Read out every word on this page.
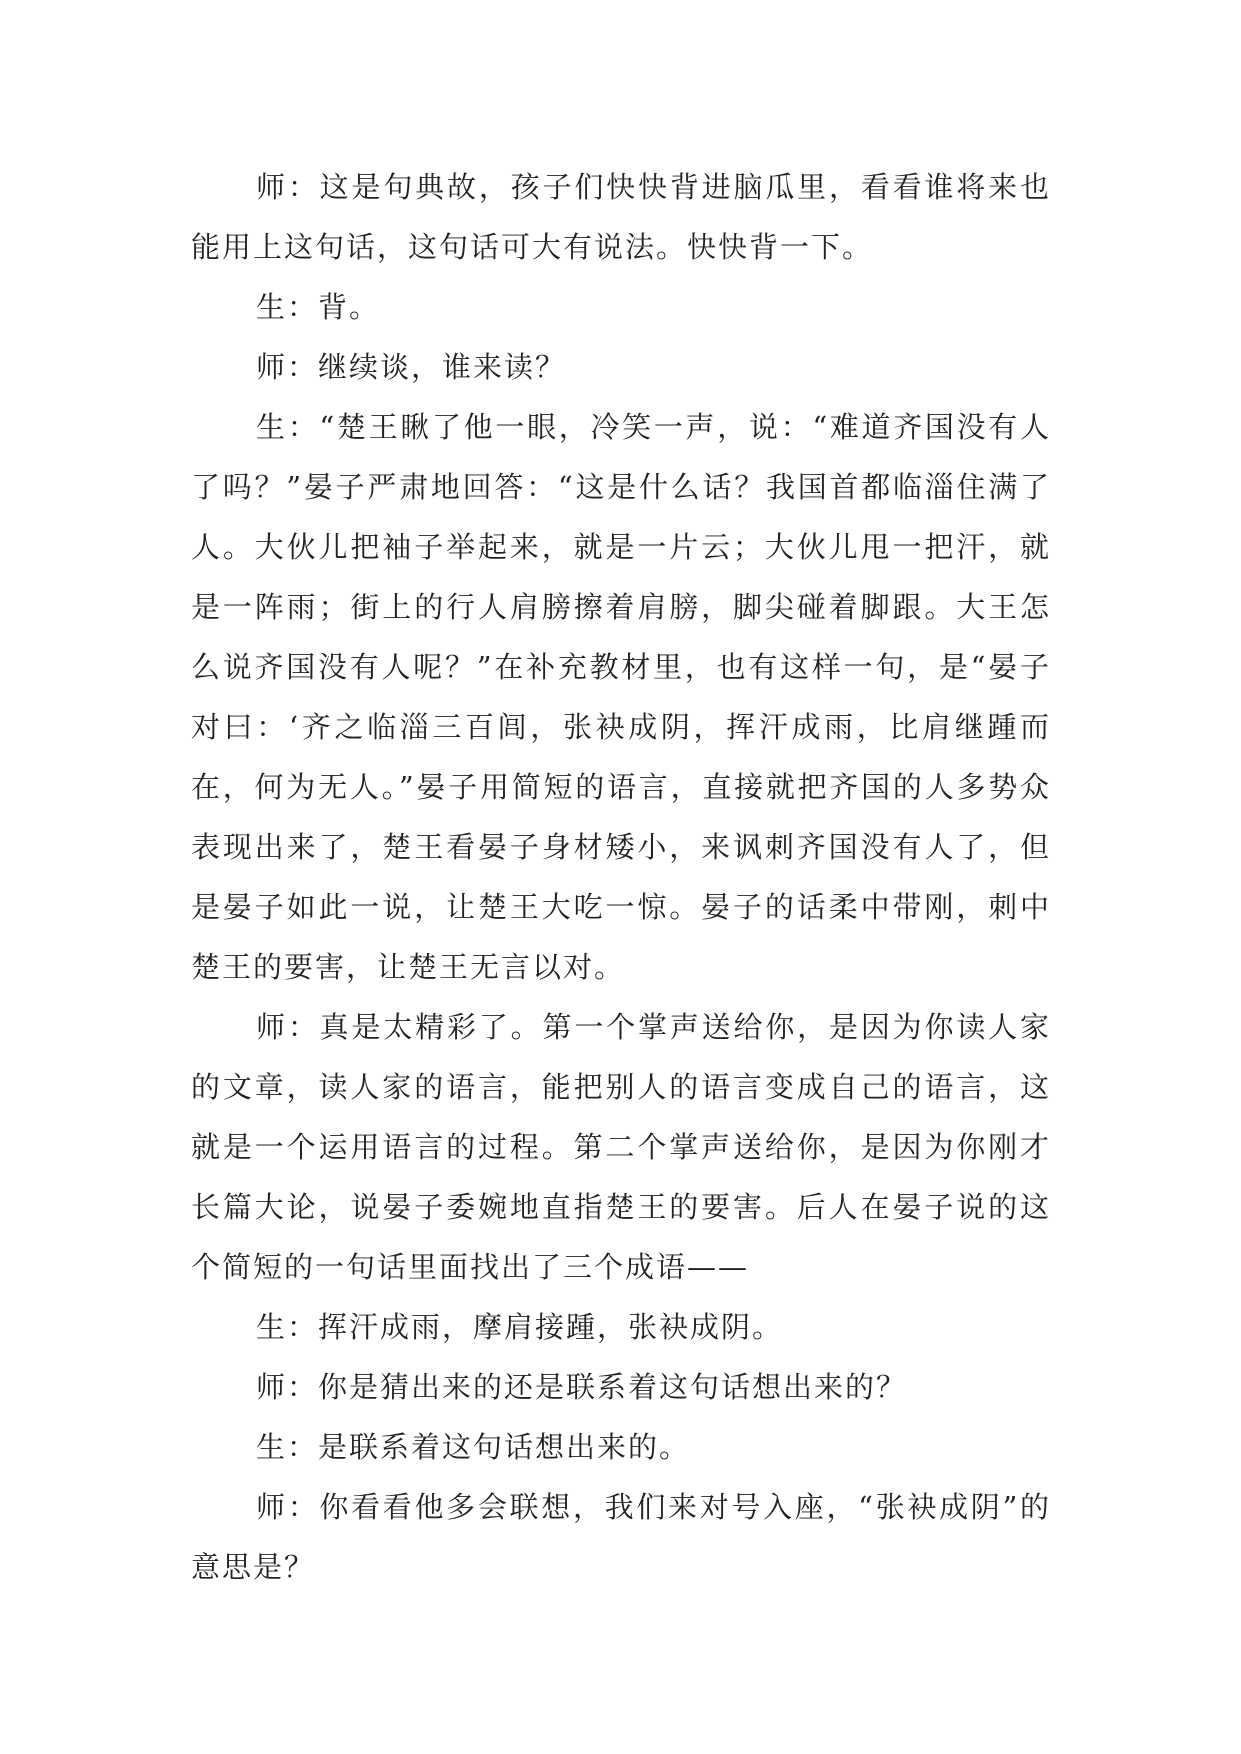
师：这是句典故，孩子们快快背进脑瓜里，看看谁将来也能用上这句话，这句话可大有说法。快快背一下。

生：背。

师：继续谈，谁来读？

生：“楚王瞅了他一眼，冷笑一声，说：“难道齐国没有人了吗？”晏子严肃地回答：“这是什么话？我国首都临淄住满了人。大伙儿把袖子举起来，就是一片云；大伙儿甩一把汗，就是一阵雨；街上的行人肩膀擦着肩膀，脚尖碰着脚跟。大王怎么说齐国没有人呢？”在补充教材里，也有这样一句，是“晏子对曰：‘齐之临淄三百闾，张袂成阴，挥汗成雨，比肩继踵而在，何为无人。”晏子用简短的语言，直接就把齐国的人多势众表现出来了，楚王看晏子身材矮小，来讽刺齐国没有人了，但是晏子如此一说，让楚王大吃一惊。晏子的话柔中带刚，刺中楚王的要害，让楚王无言以对。

师：真是太精彩了。第一个掌声送给你，是因为你读人家的文章，读人家的语言，能把别人的语言变成自己的语言，这就是一个运用语言的过程。第二个掌声送给你，是因为你刚才长篇大论，说晏子委婉地直指楚王的要害。后人在晏子说的这个简短的一句话里面找出了三个成语——

生：挥汗成雨，摩肩接踵，张袂成阴。

师：你是猜出来的还是联系着这句话想出来的？

生：是联系着这句话想出来的。

师：你看看他多会联想，我们来对号入座，“张袂成阴”的意思是？
